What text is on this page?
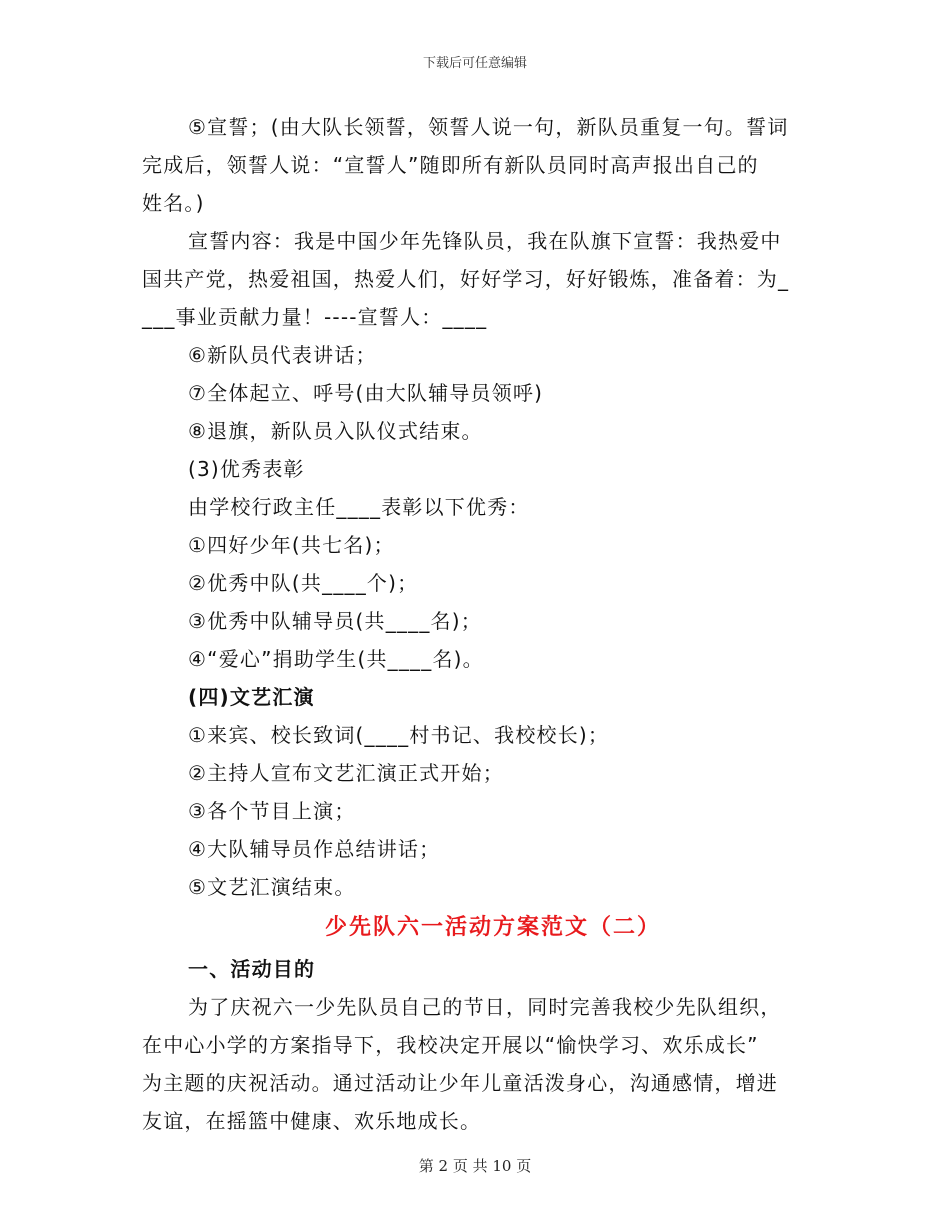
下载后可任意编辑
⑤宣誓；(由大队长领誓，领誓人说一句，新队员重复一句。誓词
完成后，领誓人说：“宣誓人”随即所有新队员同时高声报出自己的
姓名。)
宣誓内容：我是中国少年先锋队员，我在队旗下宣誓：我热爱中
国共产党，热爱祖国，热爱人们，好好学习，好好锻炼，准备着：为_
___事业贡献力量！----宣誓人：____
⑥新队员代表讲话；
⑦全体起立、呼号(由大队辅导员领呼)
⑧退旗，新队员入队仪式结束。
(3)优秀表彰
由学校行政主任____表彰以下优秀：
①四好少年(共七名)；
②优秀中队(共____个)；
③优秀中队辅导员(共____名)；
④“爱心”捐助学生(共____名)。
(四)文艺汇演
①来宾、校长致词(____村书记、我校校长)；
②主持人宣布文艺汇演正式开始；
③各个节目上演；
④大队辅导员作总结讲话；
⑤文艺汇演结束。
少先队六一活动方案范文（二）
一、活动目的
为了庆祝六一少先队员自己的节日，同时完善我校少先队组织，
在中心小学的方案指导下，我校决定开展以“愉快学习、欢乐成长”
为主题的庆祝活动。通过活动让少年儿童活泼身心，沟通感情，增进
友谊，在摇篮中健康、欢乐地成长。
第 2 页 共 10 页
